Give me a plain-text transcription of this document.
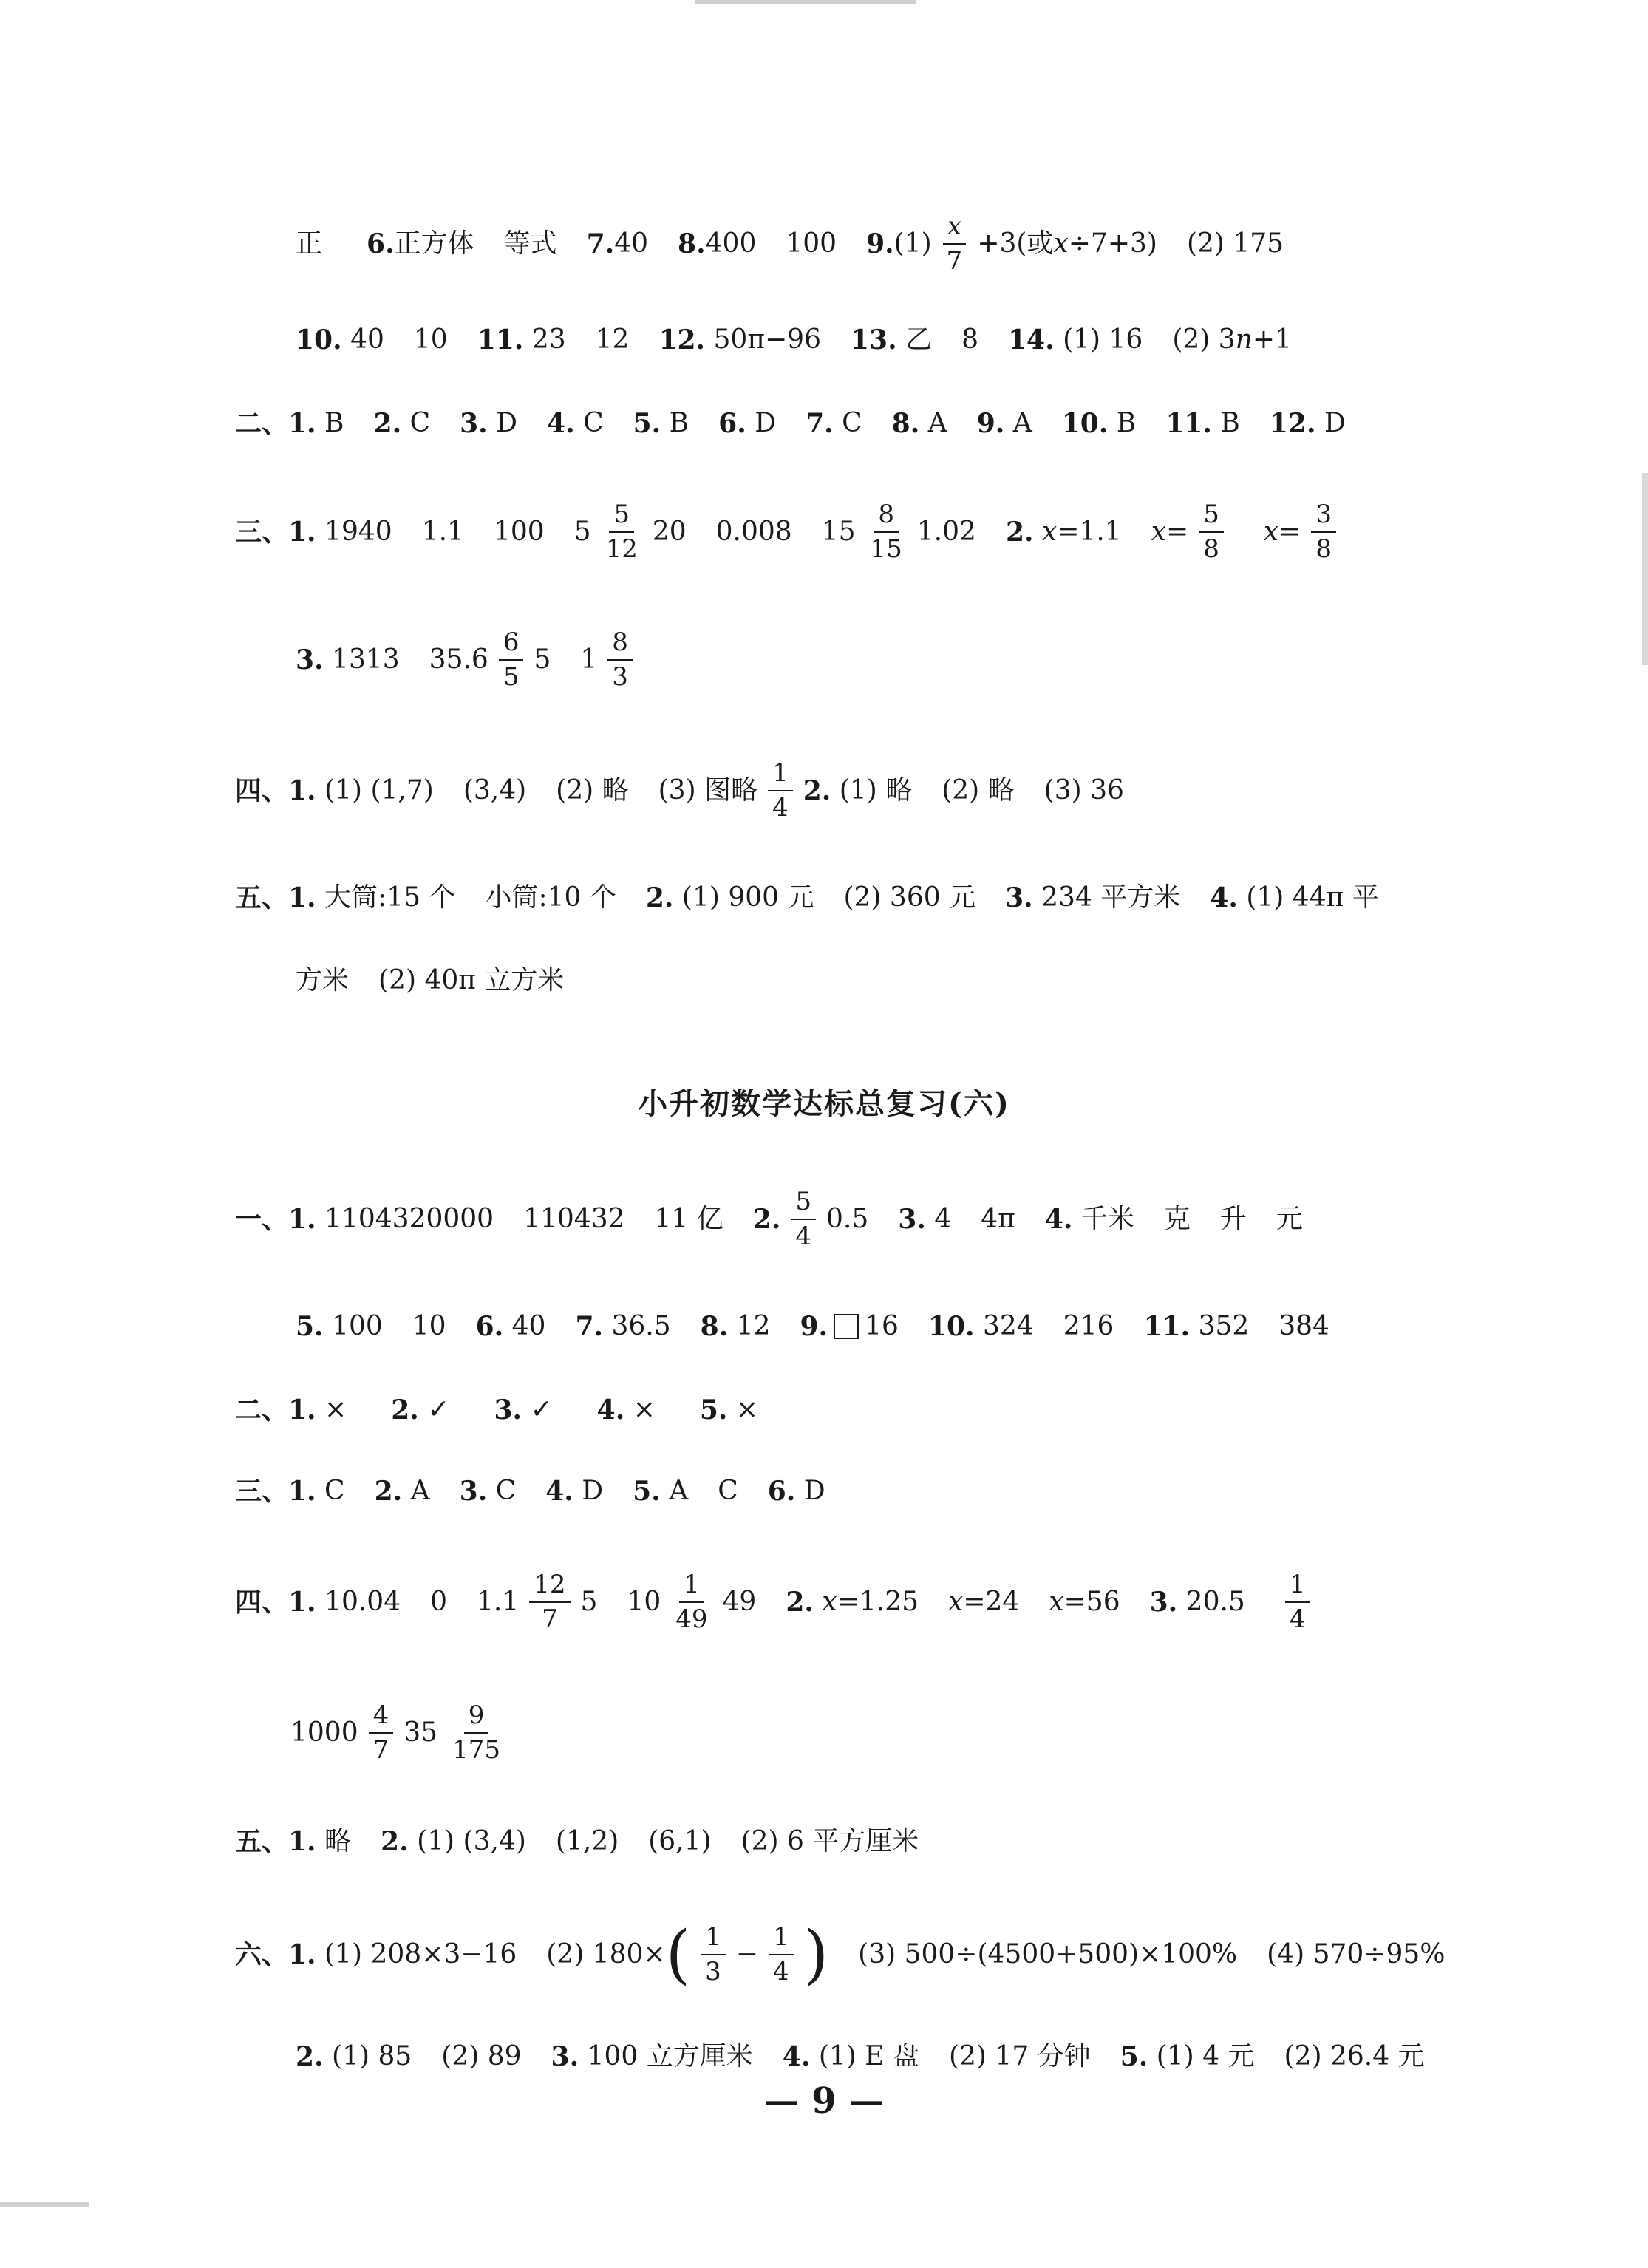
正 6. 正方体 等式 7. 40 8. 400 100 9. $(1) \frac{x}{7} +3$(或 x ÷7+3) (2) 175
10.
40 10 11.
23 12 12.
50π−96 13.
乙 8 14.
(1) 16 (2) 3 n +1
二、1.
B 2.
C 3.
D 4.
C 5.
B 6.
D 7.
C 8.
A 9.
A 10.
B 11.
B 12.
D
三、1.
1940 1.1 100 $5 \frac{5}{12} 20$ 0.008 $15 \frac{8}{15} 1.02$ 2.
x =1.1 $x = \frac{5}{8}$ $x = \frac{3}{8}$
3.
1313 $35.6 \frac{6}{5} 5$ $1 \frac{8}{3}$
四、1.
(1) (1,7) (3,4) (2) 略 (3) 图略 $\frac{1}{4} 2$.
(1) 略 (2) 略 (3) 36
五、1.
大筒:15 个 小筒:10 个 2.
(1) 900 元 (2) 360 元 3.
234 平方米 4.
(1) 44π 平
方米 (2) 40π 立方米
小升初数学达标总复习(六)
一、1.
1104320000 110432 11 亿 2. $\frac{5}{4} 0.5$ 3.
4 4π 4.
千米 克 升 元
5.
100 10 6.
40 7.
36.5 8.
12 9. 16 10.
324 216 11.
352 384
二、1.
× 2.
✓ 3.
✓ 4.
× 5.
×
三、1.
C 2.
A 3.
C 4.
D 5.
A C 6.
D
四、1.
10.04 0 $1.1 \frac{12}{7} 5$ $10 \frac{1}{49} 49$ 2.
x =1.25 x =24 x =56 3.
$20.5 \frac{1}{4}$
$1000 \frac{4}{7} 35 \frac{9}{175}$
五、1.
略 2.
(1) (3,4) (1,2) (6,1) (2) 6 平方厘米
六、1.
(1) 208×3−16 (2) 180× ( $\frac{1}{3} - \frac{1}{4}$ ) (3) 500÷(4500+500)×100% (4) 570÷95%
2.
(1) 85 (2) 89 3.
100 立方厘米 4.
(1) E 盘 (2) 17 分钟 5.
(1) 4 元 (2) 26.4 元
— 9 —
